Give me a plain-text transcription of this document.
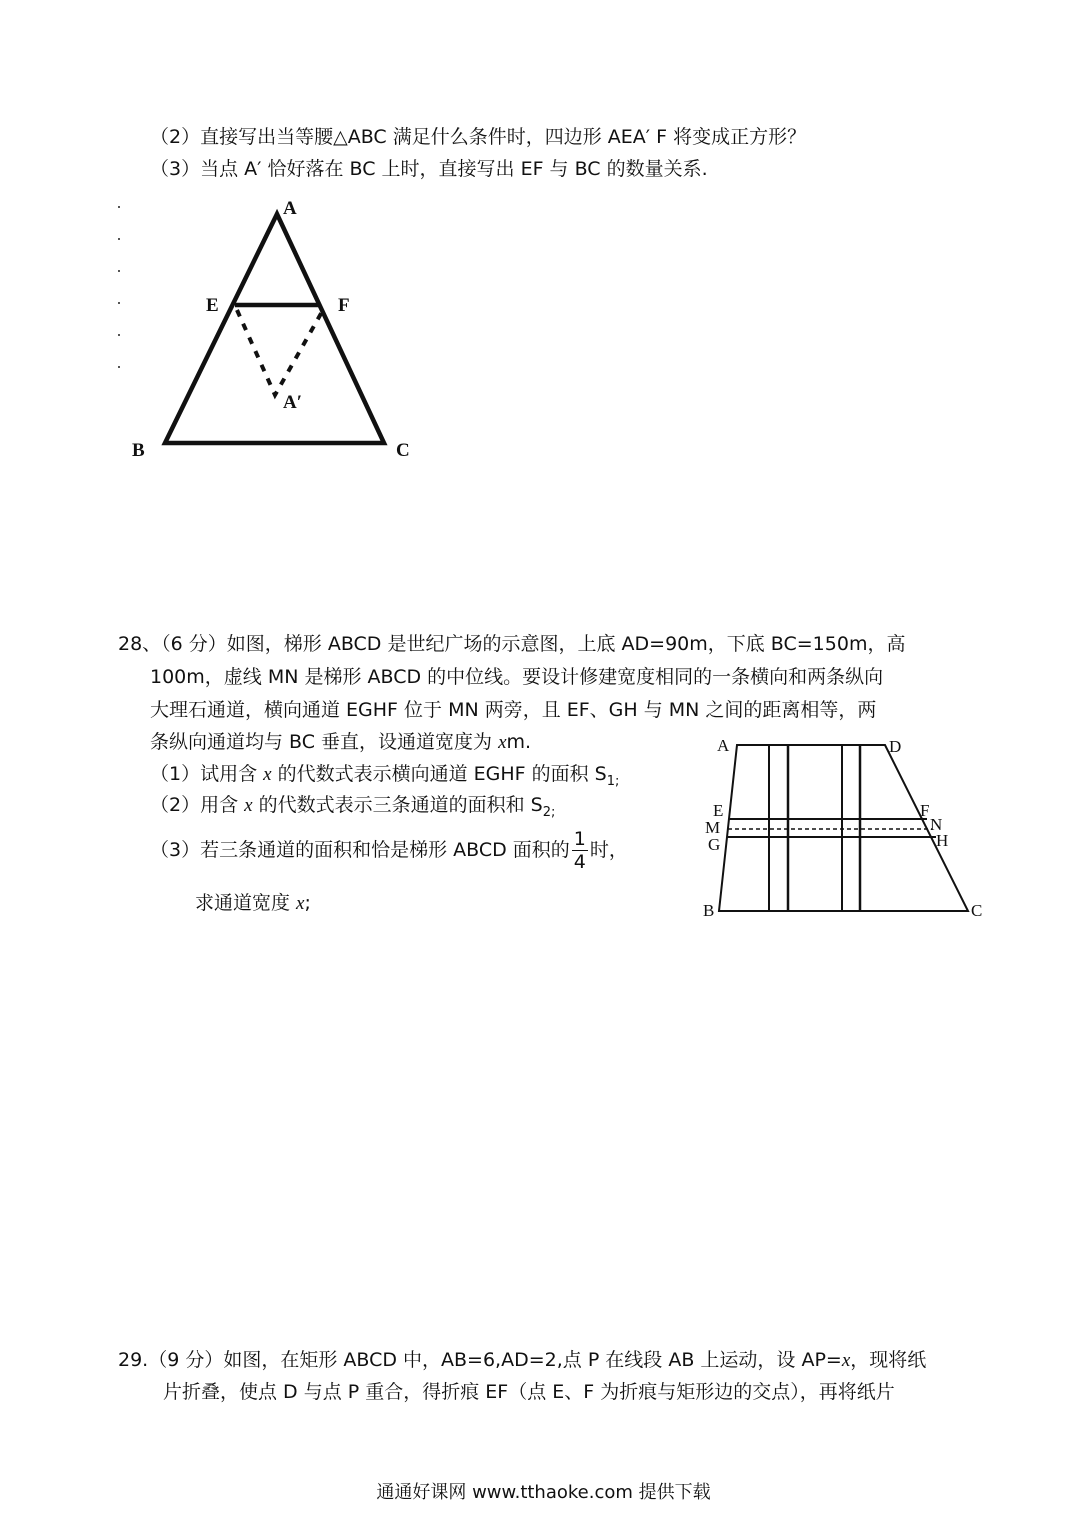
（2）直接写出当等腰△ABC 满足什么条件时，四边形 AEA′ F 将变成正方形？
（3）当点 A′ 恰好落在 BC 上时，直接写出 EF 与 BC 的数量关系.
A
E	F
A′
B	C
28、（6 分）如图，梯形 ABCD 是世纪广场的示意图，上底 AD=90m，下底 BC=150m，高
100m，虚线 MN 是梯形 ABCD 的中位线。要设计修建宽度相同的一条横向和两条纵向
大理石通道，横向通道 EGHF 位于 MN 两旁，且 EF、GH 与 MN 之间的距离相等，两
条纵向通道均与 BC 垂直，设通道宽度为 xm.
（1）试用含 x 的代数式表示横向通道 EGHF 的面积 $S_{1;}$
（2）用含 x 的代数式表示三条通道的面积和 $S_{2;}$
（3）若三条通道的面积和恰是梯形 ABCD 面积的 $\frac{1}{4}$ 时，
求通道宽度 x;
A	D
E	F
M	N
G	H
B	C
29.（9 分）如图，在矩形 ABCD 中，AB=6,AD=2,点 P 在线段 AB 上运动，设 AP=x，现将纸
片折叠，使点 D 与点 P 重合，得折痕 EF（点 E、F 为折痕与矩形边的交点），再将纸片
通通好课网 www.tthaoke.com 提供下载
